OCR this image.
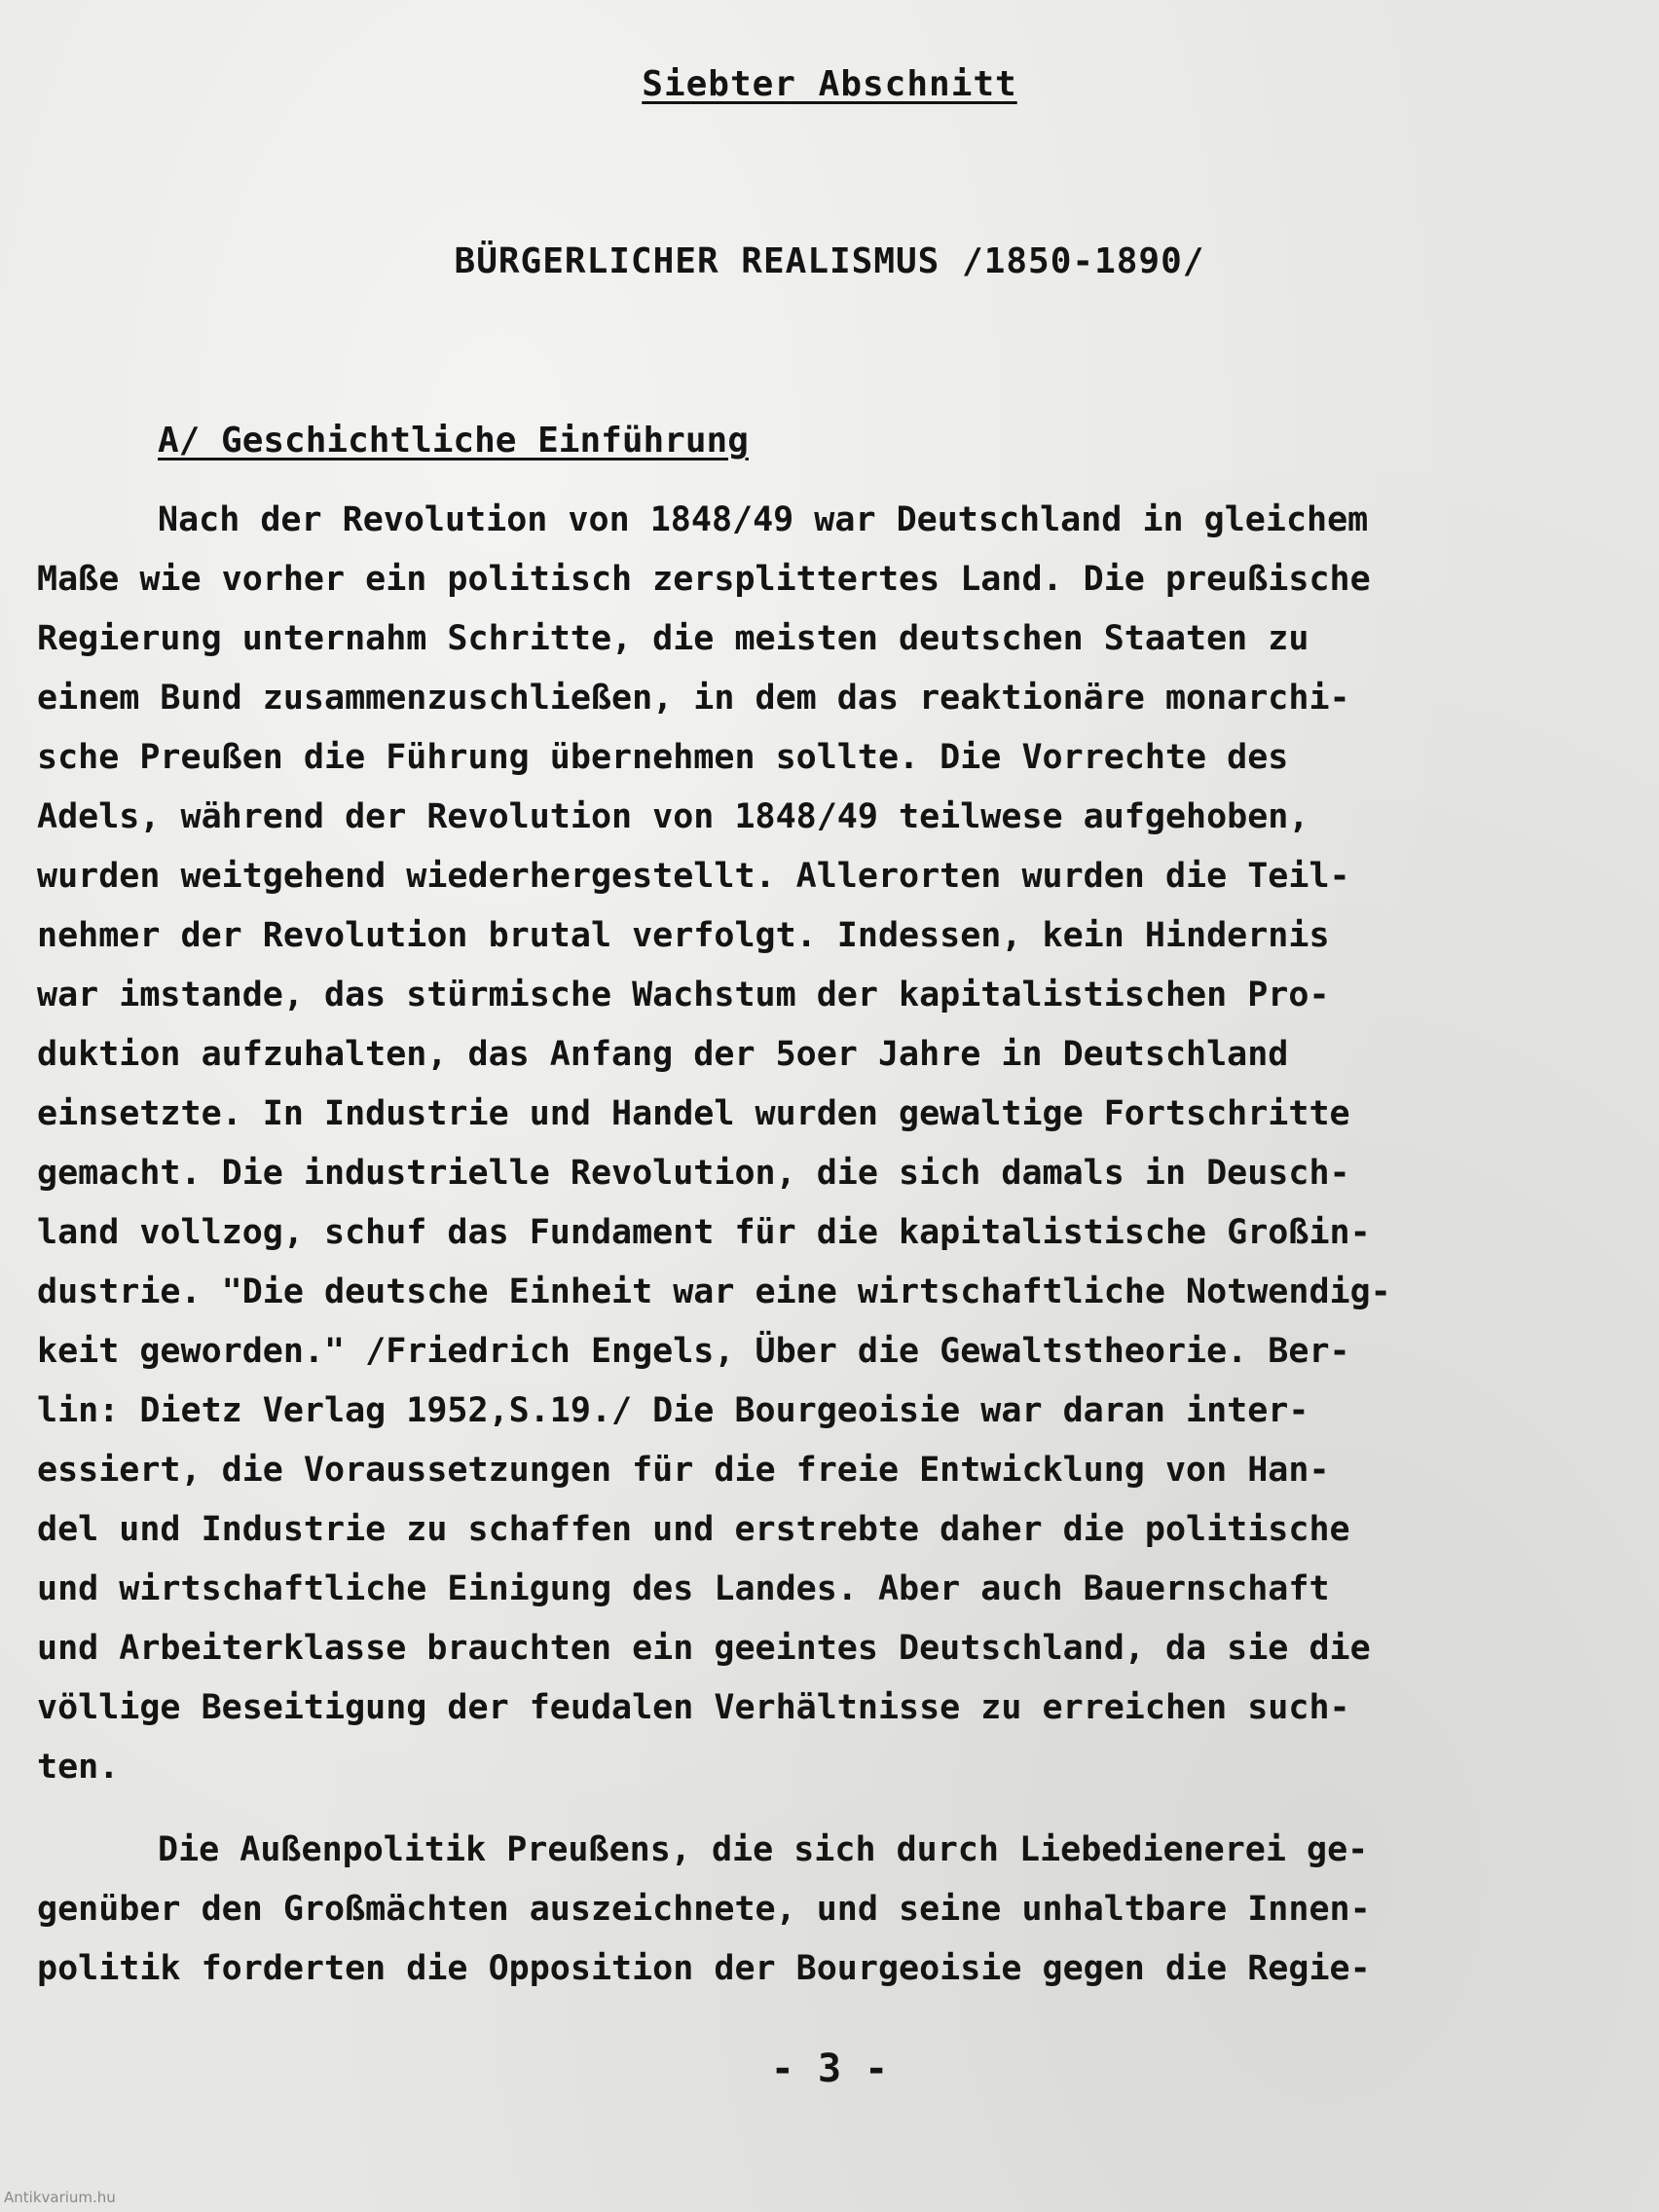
Siebter Abschnitt
BÜRGERLICHER REALISMUS /1850-1890/
A/ Geschichtliche Einführung
Nach der Revolution von 1848/49 war Deutschland in gleichem
Maße wie vorher ein politisch zersplittertes Land. Die preußische
Regierung unternahm Schritte, die meisten deutschen Staaten zu
einem Bund zusammenzuschließen, in dem das reaktionäre monarchi-
sche Preußen die Führung übernehmen sollte. Die Vorrechte des
Adels, während der Revolution von 1848/49 teilwese aufgehoben,
wurden weitgehend wiederhergestellt. Allerorten wurden die Teil-
nehmer der Revolution brutal verfolgt. Indessen, kein Hindernis
war imstande, das stürmische Wachstum der kapitalistischen Pro-
duktion aufzuhalten, das Anfang der 5oer Jahre in Deutschland
einsetzte. In Industrie und Handel wurden gewaltige Fortschritte
gemacht. Die industrielle Revolution, die sich damals in Deusch-
land vollzog, schuf das Fundament für die kapitalistische Großin-
dustrie. "Die deutsche Einheit war eine wirtschaftliche Notwendig-
keit geworden." /Friedrich Engels, Über die Gewaltstheorie. Ber-
lin: Dietz Verlag 1952,S.19./ Die Bourgeoisie war daran inter-
essiert, die Voraussetzungen für die freie Entwicklung von Han-
del und Industrie zu schaffen und erstrebte daher die politische
und wirtschaftliche Einigung des Landes. Aber auch Bauernschaft
und Arbeiterklasse brauchten ein geeintes Deutschland, da sie die
völlige Beseitigung der feudalen Verhältnisse zu erreichen such-
ten.
Die Außenpolitik Preußens, die sich durch Liebedienerei ge-
genüber den Großmächten auszeichnete, und seine unhaltbare Innen-
politik forderten die Opposition der Bourgeoisie gegen die Regie-
- 3 -
Antikvarium.hu
